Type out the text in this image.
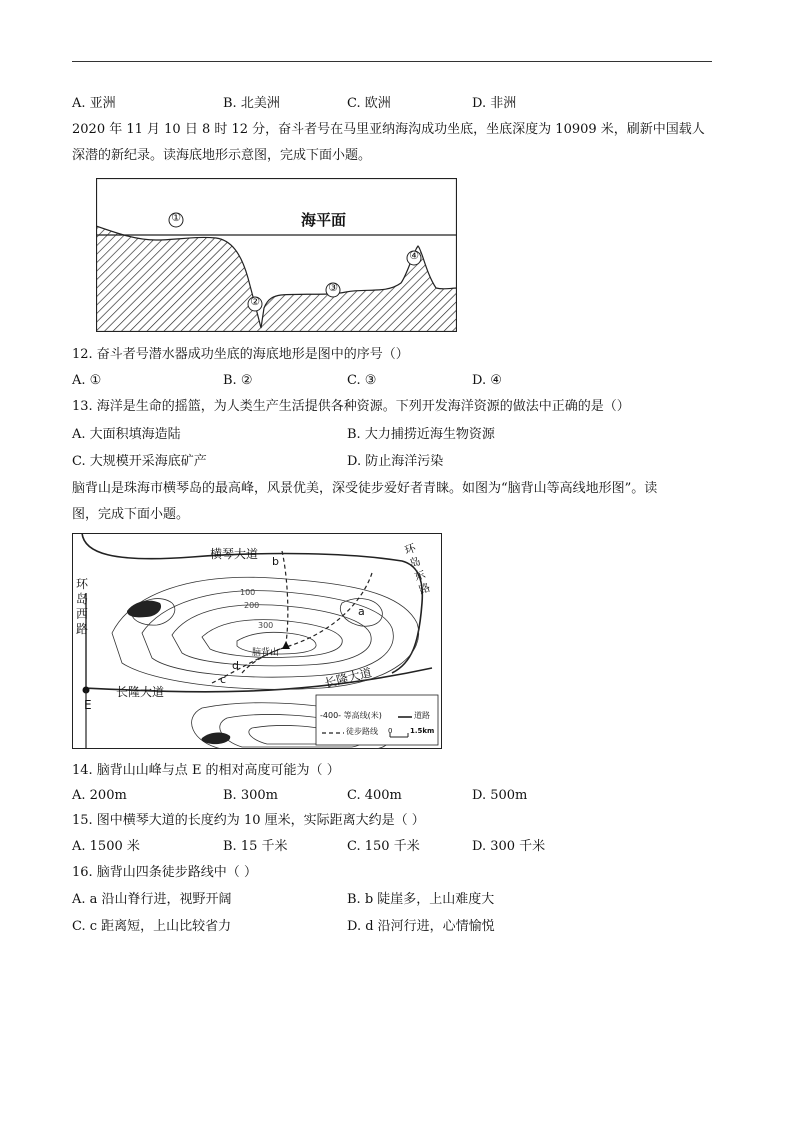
A. 亚洲	B. 北美洲	C. 欧洲	D. 非洲
2020 年 11 月 10 日 8 时 12 分，奋斗者号在马里亚纳海沟成功坐底，坐底深度为 10909 米，刷新中国载人
深潜的新纪录。读海底地形示意图，完成下面小题。
海平面
①
②
③
④
12. 奋斗者号潜水器成功坐底的海底地形是图中的序号（）
A. ①	B. ②	C. ③	D. ④
13. 海洋是生命的摇篮，为人类生产生活提供各种资源。下列开发海洋资源的做法中正确的是（）
A. 大面积填海造陆	B. 大力捕捞近海生物资源
C. 大规模开采海底矿产	D. 防止海洋污染
脑背山是珠海市横琴岛的最高峰，风景优美，深受徒步爱好者青睐。如图为“脑背山等高线地形图”。读
图，完成下面小题。
横琴大道
环岛西路
环岛东路
长隆大道
长隆大道
脑背山
E
a
b
c
d
100
200
300
-400- 等高线(米)	道路
徒步路线 0	1.5km
14. 脑背山山峰与点 E 的相对高度可能为（ ）
A. 200m	B. 300m	C. 400m	D. 500m
15. 图中横琴大道的长度约为 10 厘米，实际距离大约是（ ）
A. 1500 米	B. 15 千米	C. 150 千米	D. 300 千米
16. 脑背山四条徒步路线中（ ）
A. a 沿山脊行进，视野开阔	B. b 陡崖多，上山难度大
C. c 距离短，上山比较省力	D. d 沿河行进，心情愉悦
